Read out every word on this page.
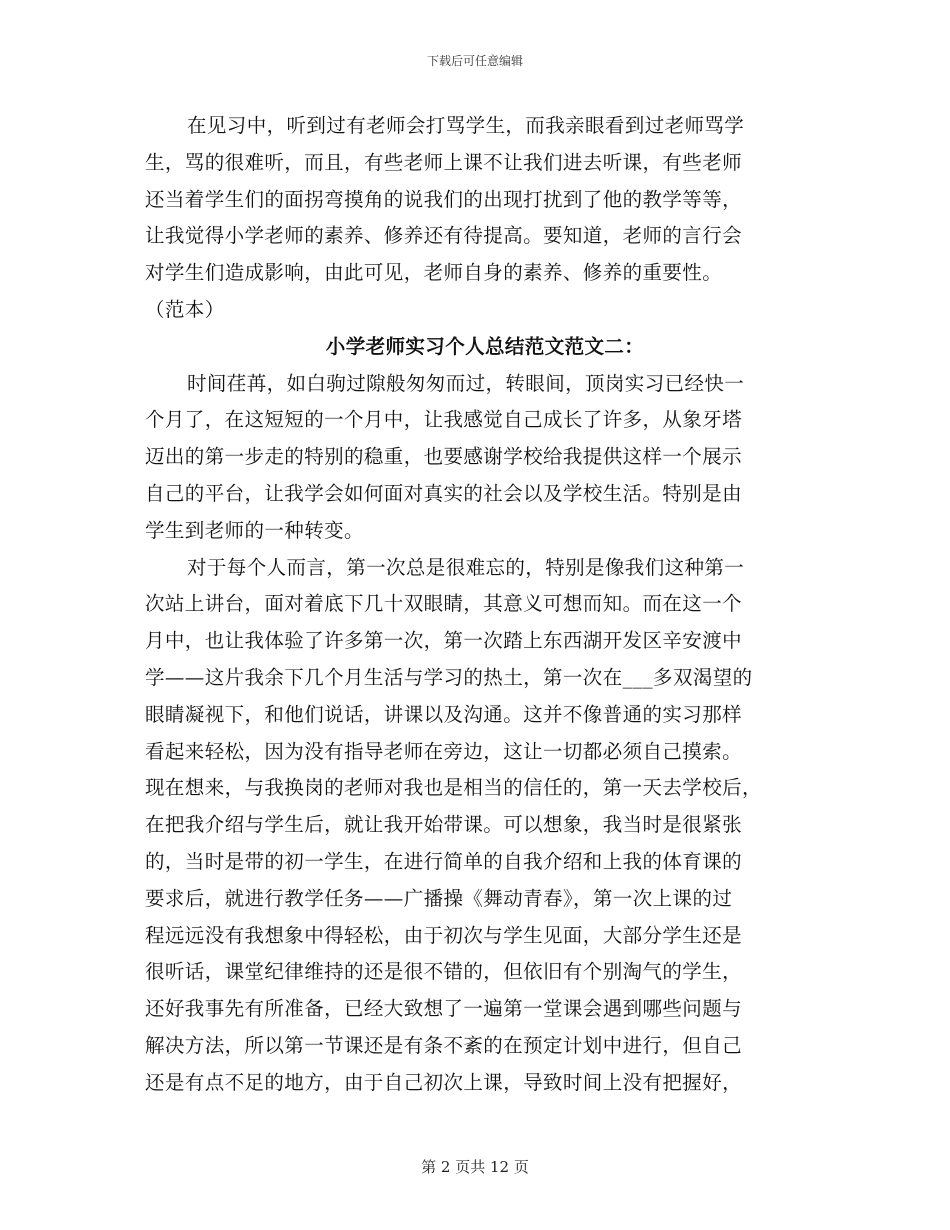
下载后可任意编辑
在见习中，听到过有老师会打骂学生，而我亲眼看到过老师骂学
生，骂的很难听，而且，有些老师上课不让我们进去听课，有些老师
还当着学生们的面拐弯摸角的说我们的出现打扰到了他的教学等等，
让我觉得小学老师的素养、修养还有待提高。要知道，老师的言行会
对学生们造成影响，由此可见，老师自身的素养、修养的重要性。
（范本）
小学老师实习个人总结范文范文二：
时间荏苒，如白驹过隙般匆匆而过，转眼间，顶岗实习已经快一
个月了，在这短短的一个月中，让我感觉自己成长了许多，从象牙塔
迈出的第一步走的特别的稳重，也要感谢学校给我提供这样一个展示
自己的平台，让我学会如何面对真实的社会以及学校生活。特别是由
学生到老师的一种转变。
对于每个人而言，第一次总是很难忘的，特别是像我们这种第一
次站上讲台，面对着底下几十双眼睛，其意义可想而知。而在这一个
月中，也让我体验了许多第一次，第一次踏上东西湖开发区辛安渡中
学——这片我余下几个月生活与学习的热土，第一次在___多双渴望的
眼睛凝视下，和他们说话，讲课以及沟通。这并不像普通的实习那样
看起来轻松，因为没有指导老师在旁边，这让一切都必须自己摸索。
现在想来，与我换岗的老师对我也是相当的信任的，第一天去学校后，
在把我介绍与学生后，就让我开始带课。可以想象，我当时是很紧张
的，当时是带的初一学生，在进行简单的自我介绍和上我的体育课的
要求后，就进行教学任务——广播操《舞动青春》，第一次上课的过
程远远没有我想象中得轻松，由于初次与学生见面，大部分学生还是
很听话，课堂纪律维持的还是很不错的，但依旧有个别淘气的学生，
还好我事先有所准备，已经大致想了一遍第一堂课会遇到哪些问题与
解决方法，所以第一节课还是有条不紊的在预定计划中进行，但自己
还是有点不足的地方，由于自己初次上课，导致时间上没有把握好，
第 2 页共 12 页
